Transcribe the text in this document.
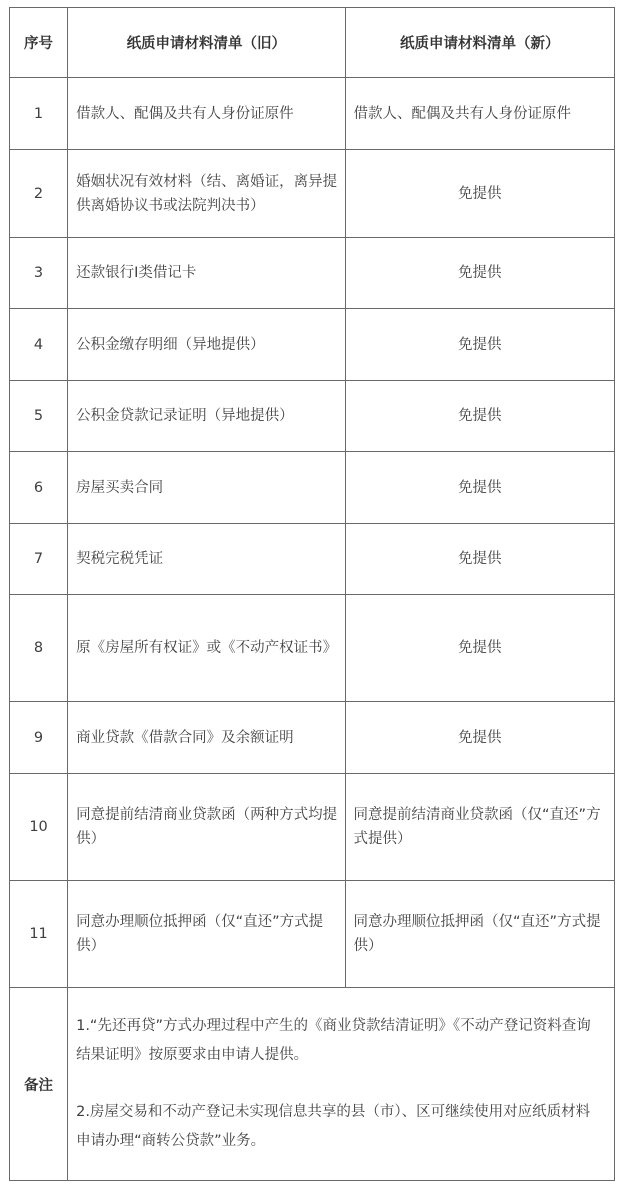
序号	纸质申请材料清单（旧）	纸质申请材料清单（新）
1	借款人、配偶及共有人身份证原件	借款人、配偶及共有人身份证原件
2	婚姻状况有效材料（结、离婚证，离异提供离婚协议书或法院判决书）	免提供
3	还款银行Ⅰ类借记卡	免提供
4	公积金缴存明细（异地提供）	免提供
5	公积金贷款记录证明（异地提供）	免提供
6	房屋买卖合同	免提供
7	契税完税凭证	免提供
8	原《房屋所有权证》或《不动产权证书》	免提供
9	商业贷款《借款合同》及余额证明	免提供
10	同意提前结清商业贷款函（两种方式均提供）	同意提前结清商业贷款函（仅“直还”方式提供）
11	同意办理顺位抵押函（仅“直还”方式提供）	同意办理顺位抵押函（仅“直还”方式提供）
备注	1.“先还再贷”方式办理过程中产生的《商业贷款结清证明》《不动产登记资料查询结果证明》按原要求由申请人提供。

2.房屋交易和不动产登记未实现信息共享的县（市）、区可继续使用对应纸质材料申请办理“商转公贷款”业务。	
